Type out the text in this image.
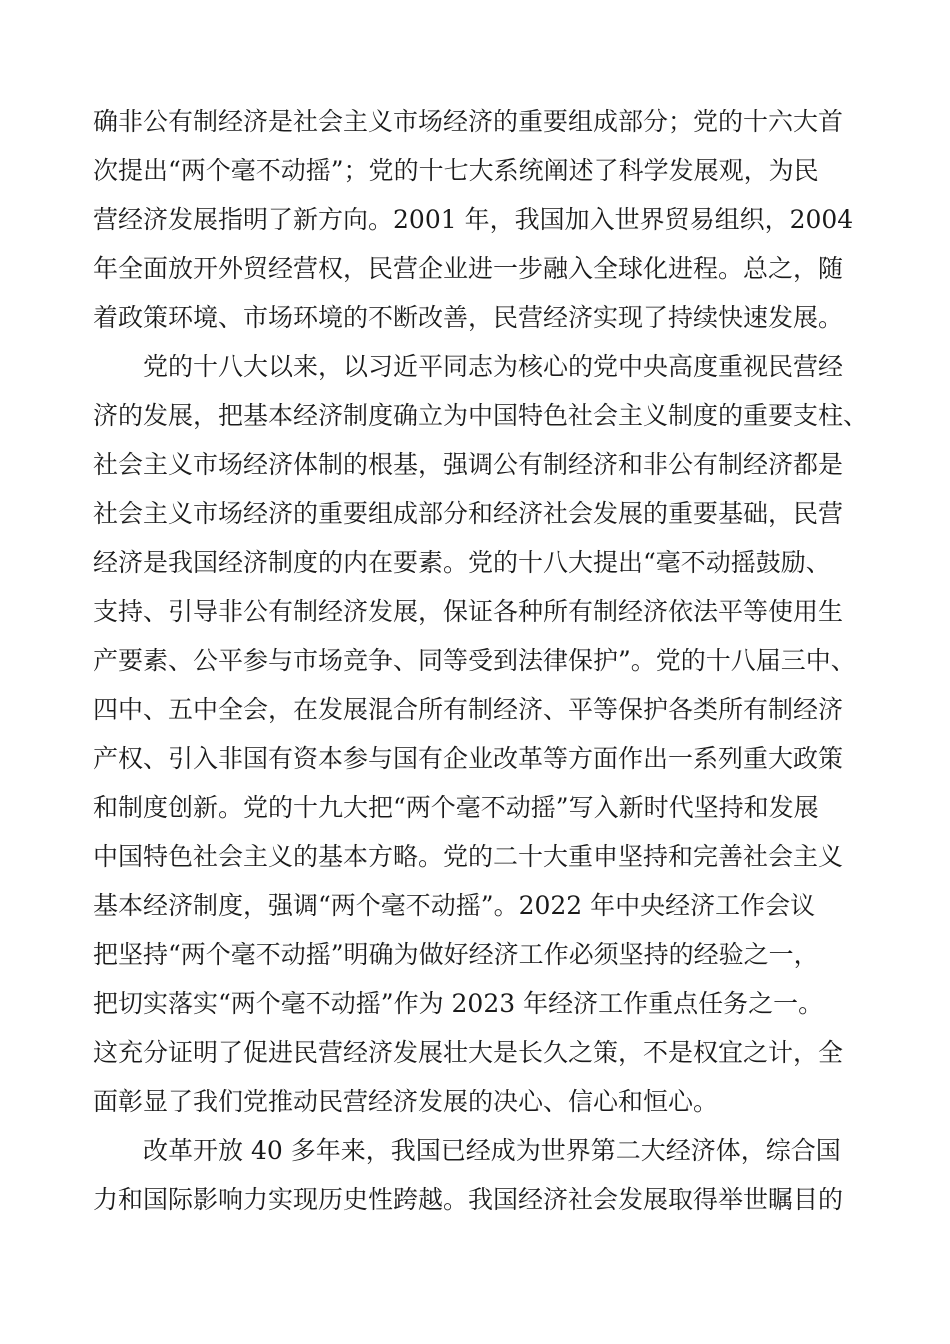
确非公有制经济是社会主义市场经济的重要组成部分；党的十六大首
次提出“两个毫不动摇”；党的十七大系统阐述了科学发展观，为民
营经济发展指明了新方向。2001 年，我国加入世界贸易组织，2004
年全面放开外贸经营权，民营企业进一步融入全球化进程。总之，随
着政策环境、市场环境的不断改善，民营经济实现了持续快速发展。
党的十八大以来，以习近平同志为核心的党中央高度重视民营经
济的发展，把基本经济制度确立为中国特色社会主义制度的重要支柱、
社会主义市场经济体制的根基，强调公有制经济和非公有制经济都是
社会主义市场经济的重要组成部分和经济社会发展的重要基础，民营
经济是我国经济制度的内在要素。党的十八大提出“毫不动摇鼓励、
支持、引导非公有制经济发展，保证各种所有制经济依法平等使用生
产要素、公平参与市场竞争、同等受到法律保护”。党的十八届三中、
四中、五中全会，在发展混合所有制经济、平等保护各类所有制经济
产权、引入非国有资本参与国有企业改革等方面作出一系列重大政策
和制度创新。党的十九大把“两个毫不动摇”写入新时代坚持和发展
中国特色社会主义的基本方略。党的二十大重申坚持和完善社会主义
基本经济制度，强调“两个毫不动摇”。2022 年中央经济工作会议
把坚持“两个毫不动摇”明确为做好经济工作必须坚持的经验之一，
把切实落实“两个毫不动摇”作为 2023 年经济工作重点任务之一。
这充分证明了促进民营经济发展壮大是长久之策，不是权宜之计，全
面彰显了我们党推动民营经济发展的决心、信心和恒心。
改革开放 40 多年来，我国已经成为世界第二大经济体，综合国
力和国际影响力实现历史性跨越。我国经济社会发展取得举世瞩目的
